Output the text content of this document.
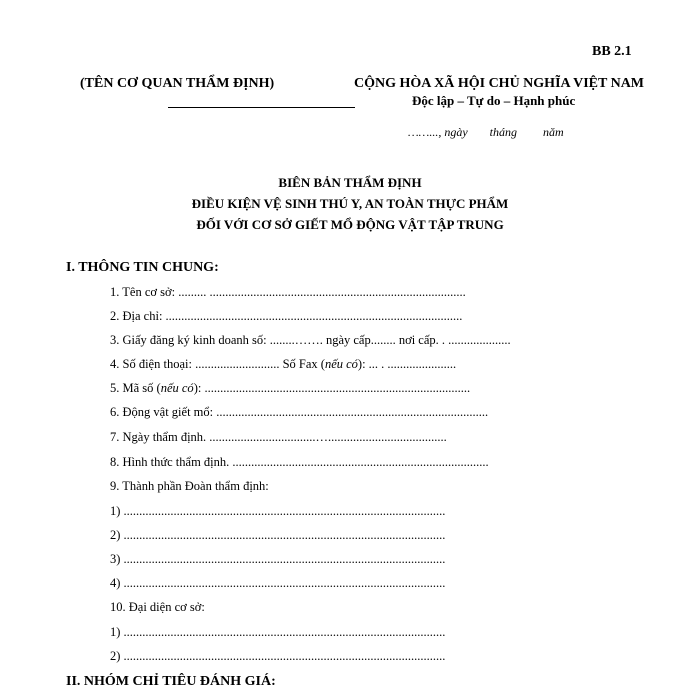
BB 2.1
(TÊN CƠ QUAN THẨM ĐỊNH)	CỘNG HÒA XÃ HỘI CHỦ NGHĨA VIỆT NAM
Độc lập – Tự do – Hạnh phúc
……..., ngày tháng năm
BIÊN BẢN THẨM ĐỊNH
ĐIỀU KIỆN VỆ SINH THÚ Y, AN TOÀN THỰC PHẨM
ĐỐI VỚI CƠ SỞ GIẾT MỔ ĐỘNG VẬT TẬP TRUNG
I. THÔNG TIN CHUNG:
1. Tên cơ sở: ......... ..................................................................................
2. Địa chỉ: ...............................................................................................
3. Giấy đăng ký kinh doanh số: ........……. ngày cấp........ nơi cấp. . ....................
4. Số điện thoại: ........................... Số Fax (nếu có): ... . ......................
5. Mã số (nếu có): .....................................................................................
6. Động vật giết mổ: .......................................................................................
7. Ngày thẩm định. ..................................…......................................
8. Hình thức thẩm định. ..................................................................................
9. Thành phần Đoàn thẩm định:
1) .......................................................................................................
2) .......................................................................................................
3) .......................................................................................................
4) .......................................................................................................
10. Đại diện cơ sở:
1) .......................................................................................................
2) .......................................................................................................
II. NHÓM CHỈ TIÊU ĐÁNH GIÁ:
